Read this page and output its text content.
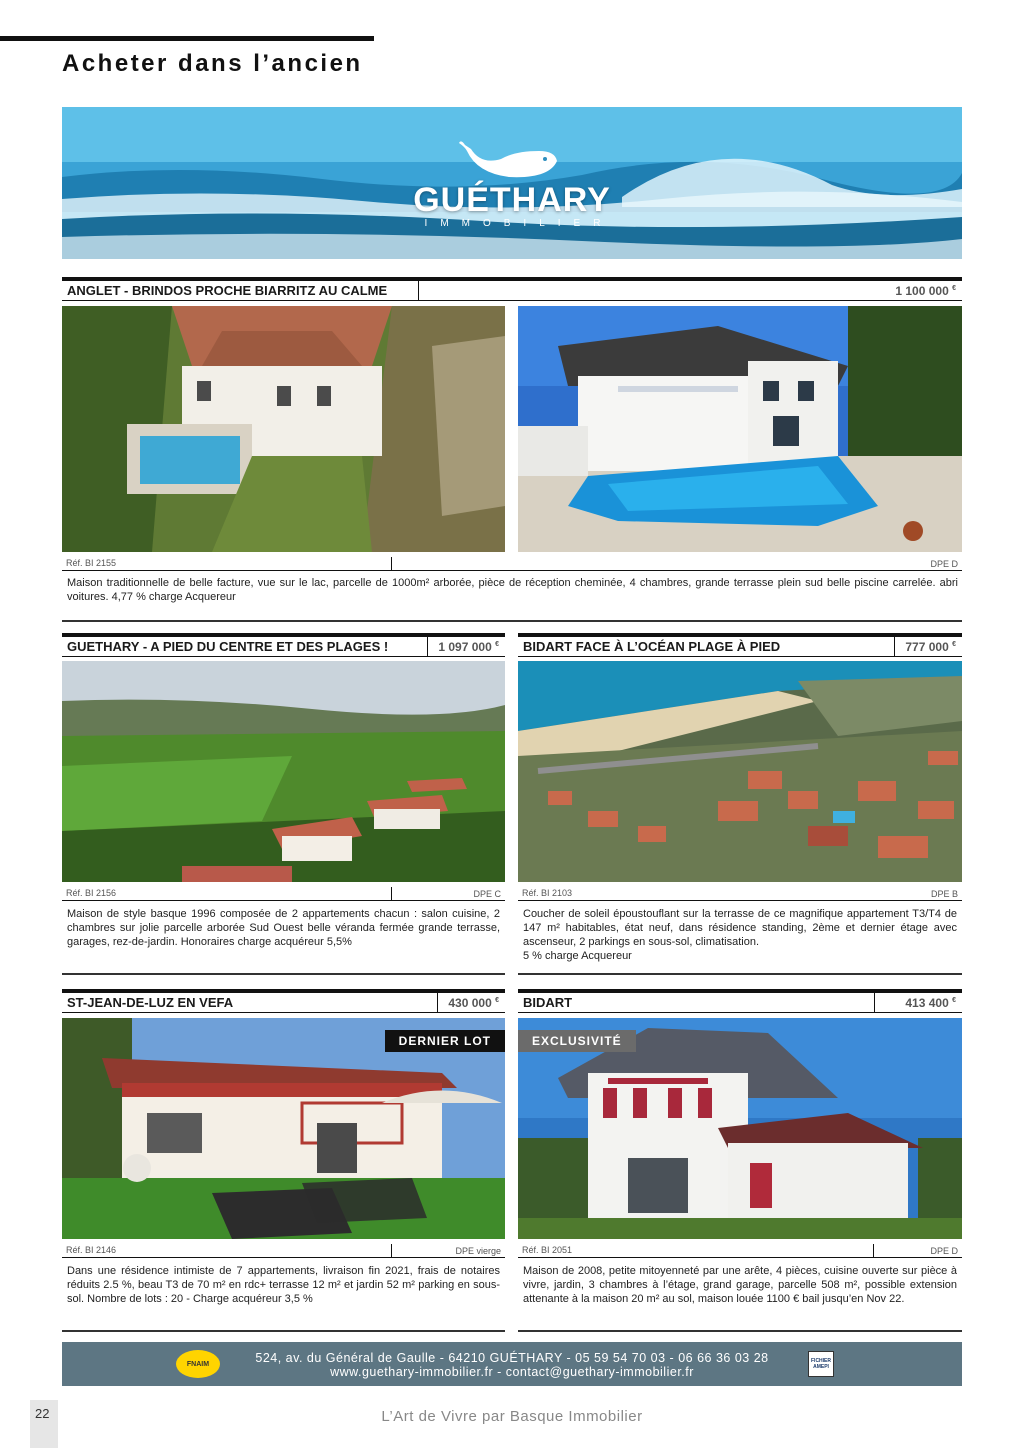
Acheter dans l’ancien
GUÉTHARY
IMMOBILIER
ANGLET - BRINDOS PROCHE BIARRITZ AU CALME	1 100 000 €
Réf. BI 2155	DPE D

Maison traditionnelle de belle facture, vue sur le lac, parcelle de 1000m² arborée, pièce de réception cheminée, 4 chambres, grande terrasse plein sud belle piscine carrelée. abri voitures. 4,77 % charge Acquereur

GUETHARY - A PIED DU CENTRE ET DES PLAGES !	1 097 000 €
Réf. BI 2156	DPE C

Maison de style basque 1996 composée de 2 appartements chacun : salon cuisine, 2 chambres sur jolie parcelle arborée Sud Ouest belle véranda fermée grande terrasse, garages, rez-de-jardin. Honoraires charge acquéreur 5,5%

BIDART FACE À L’OCÉAN PLAGE À PIED	777 000 €
Réf. BI 2103	DPE B

Coucher de soleil époustouflant sur la terrasse de ce magnifique appartement T3/T4 de 147 m² habitables, état neuf, dans résidence standing, 2ème et dernier étage avec ascenseur, 2 parkings en sous-sol, climatisation.
5 % charge Acquereur

ST-JEAN-DE-LUZ EN VEFA	430 000 €
DERNIER LOT
Réf. BI 2146	DPE vierge

Dans une résidence intimiste de 7 appartements, livraison fin 2021, frais de notaires réduits 2.5 %, beau T3 de 70 m² en rdc+ terrasse 12 m² et jardin 52 m² parking en sous-sol. Nombre de lots : 20 - Charge acquéreur 3,5 %

BIDART	413 400 €
EXCLUSIVITÉ
Réf. BI 2051	DPE D

Maison de 2008, petite mitoyenneté par une arête, 4 pièces, cuisine ouverte sur pièce à vivre, jardin, 3 chambres à l’étage, grand garage, parcelle 508 m², possible extension attenante à la maison 20 m² au sol, maison louée 1100 € bail jusqu’en Nov 22.

FNAIM	FICHIER AMEPI
524, av. du Général de Gaulle - 64210 GUÉTHARY - 05 59 54 70 03 - 06 66 36 03 28
www.guethary-immobilier.fr - contact@guethary-immobilier.fr
22	L’Art de Vivre par Basque Immobilier
